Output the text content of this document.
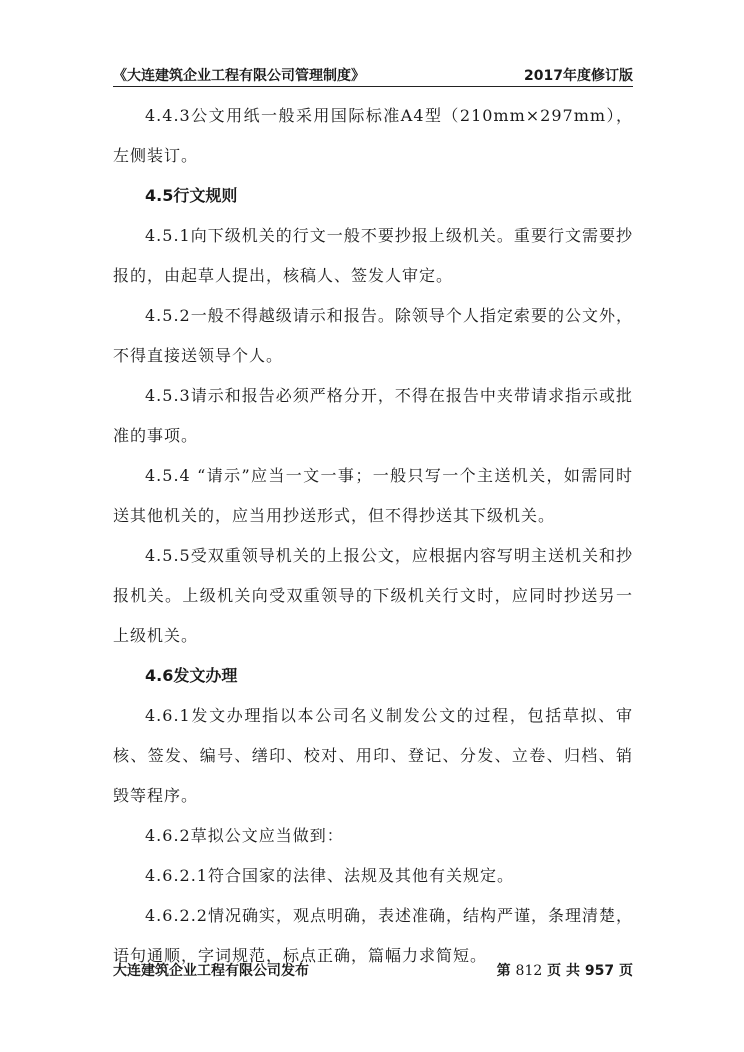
《大连建筑企业工程有限公司管理制度》	2017年度修订版

4.4.3公文用纸一般采用国际标准A4型（210mm×297mm），左侧装订。

4.5行文规则

4.5.1向下级机关的行文一般不要抄报上级机关。重要行文需要抄报的，由起草人提出，核稿人、签发人审定。

4.5.2一般不得越级请示和报告。除领导个人指定索要的公文外，不得直接送领导个人。

4.5.3请示和报告必须严格分开，不得在报告中夹带请求指示或批准的事项。

4.5.4 “请示”应当一文一事；一般只写一个主送机关，如需同时送其他机关的，应当用抄送形式，但不得抄送其下级机关。

4.5.5受双重领导机关的上报公文，应根据内容写明主送机关和抄报机关。上级机关向受双重领导的下级机关行文时，应同时抄送另一上级机关。

4.6发文办理

4.6.1发文办理指以本公司名义制发公文的过程，包括草拟、审核、签发、编号、缮印、校对、用印、登记、分发、立卷、归档、销毁等程序。

4.6.2草拟公文应当做到：

4.6.2.1符合国家的法律、法规及其他有关规定。

4.6.2.2情况确实，观点明确，表述准确，结构严谨，条理清楚，语句通顺，字词规范，标点正确，篇幅力求简短。

大连建筑企业工程有限公司发布	第 812 页 共 957 页
